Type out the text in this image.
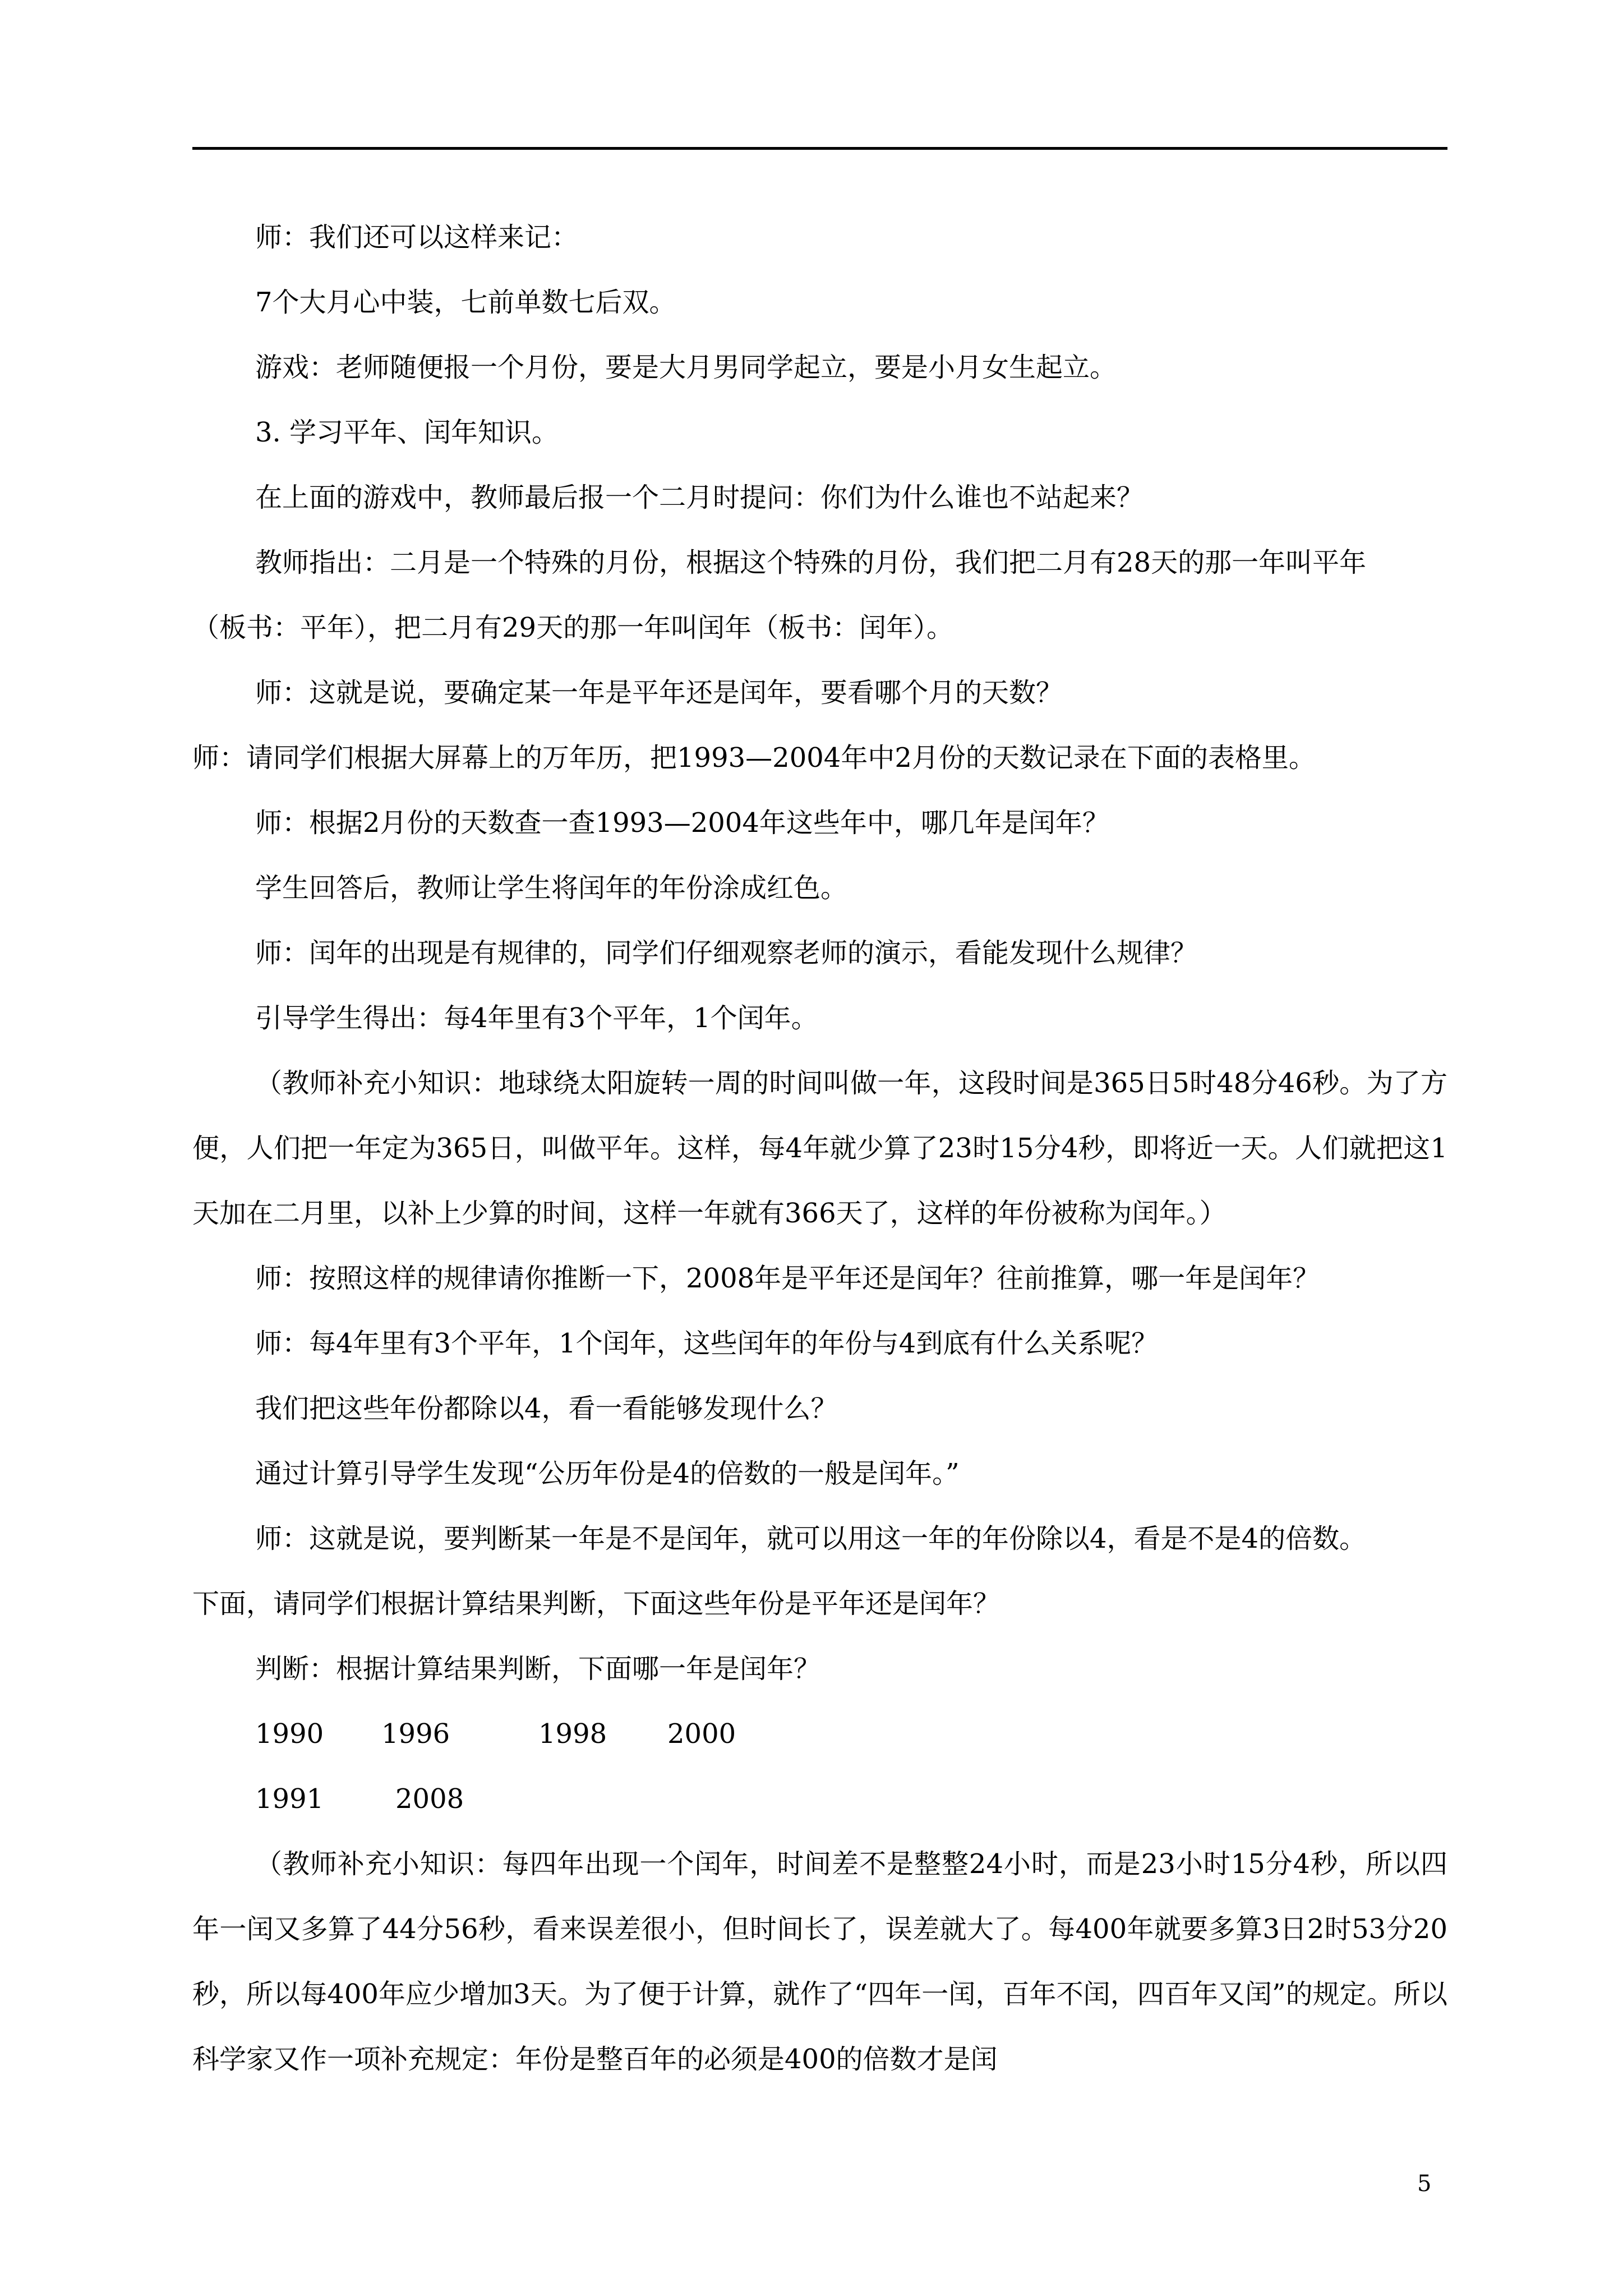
师：我们还可以这样来记：

7个大月心中装，七前单数七后双。

游戏：老师随便报一个月份，要是大月男同学起立，要是小月女生起立。

3. 学习平年、闰年知识。

在上面的游戏中，教师最后报一个二月时提问：你们为什么谁也不站起来？

教师指出：二月是一个特殊的月份，根据这个特殊的月份，我们把二月有28天的那一年叫平年

（板书：平年），把二月有29天的那一年叫闰年（板书：闰年）。

师：这就是说，要确定某一年是平年还是闰年，要看哪个月的天数？

师：请同学们根据大屏幕上的万年历，把1993—2004年中2月份的天数记录在下面的表格里。

师：根据2月份的天数查一查1993—2004年这些年中，哪几年是闰年？

学生回答后，教师让学生将闰年的年份涂成红色。

师：闰年的出现是有规律的，同学们仔细观察老师的演示，看能发现什么规律？

引导学生得出：每4年里有3个平年，1个闰年。

（教师补充小知识：地球绕太阳旋转一周的时间叫做一年，这段时间是365日5时48分46秒。为了方便，人们把一年定为365日，叫做平年。这样，每4年就少算了23时15分4秒，即将近一天。人们就把这1天加在二月里，以补上少算的时间，这样一年就有366天了，这样的年份被称为闰年。）

师：按照这样的规律请你推断一下，2008年是平年还是闰年？往前推算，哪一年是闰年？

师：每4年里有3个平年，1个闰年，这些闰年的年份与4到底有什么关系呢？

我们把这些年份都除以4，看一看能够发现什么？

通过计算引导学生发现“公历年份是4的倍数的一般是闰年。”

师：这就是说，要判断某一年是不是闰年，就可以用这一年的年份除以4，看是不是4的倍数。

下面，请同学们根据计算结果判断，下面这些年份是平年还是闰年？

判断：根据计算结果判断，下面哪一年是闰年？

1990 1996	1998 2000
1991	2008

（教师补充小知识：每四年出现一个闰年，时间差不是整整24小时，而是23小时15分4秒，所以四年一闰又多算了44分56秒，看来误差很小，但时间长了，误差就大了。每400年就要多算3日2时53分20秒，所以每400年应少增加3天。为了便于计算，就作了“四年一闰，百年不闰，四百年又闰”的规定。所以科学家又作一项补充规定：年份是整百年的必须是400的倍数才是闰

5
